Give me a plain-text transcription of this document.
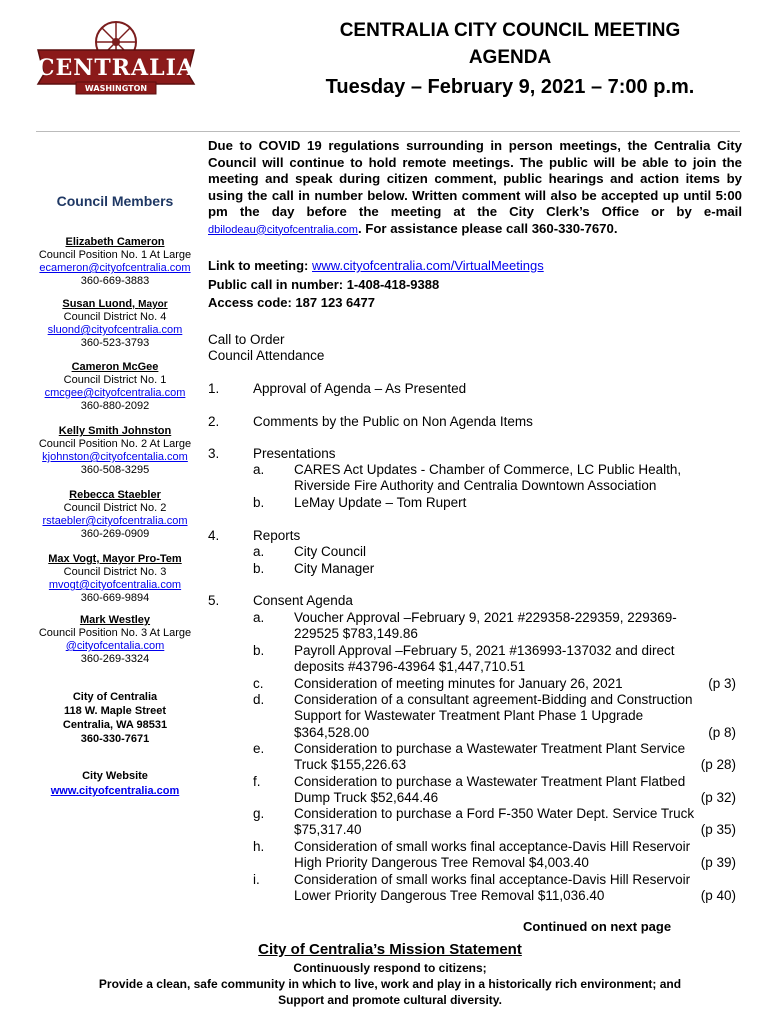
CENTRALIA
WASHINGTON
CENTRALIA CITY COUNCIL MEETING
AGENDA
Tuesday – February 9, 2021 – 7:00 p.m.
Council Members
Elizabeth Cameron
Council Position No. 1 At Large
ecameron@cityofcentralia.com
360-669-3883
Susan Luond, Mayor
Council District No. 4
sluond@cityofcentralia.com
360-523-3793
Cameron McGee
Council District No. 1
cmcgee@cityofcentralia.com
360-880-2092
Kelly Smith Johnston
Council Position No. 2 At Large
kjohnston@cityofcentalia.com
360-508-3295
Rebecca Staebler
Council District No. 2
rstaebler@cityofcentralia.com
360-269-0909
Max Vogt, Mayor Pro-Tem
Council District No. 3
mvogt@cityofcentralia.com
360-669-9894
Mark Westley
Council Position No. 3 At Large
@cityofcentalia.com
360-269-3324
City of Centralia
118 W. Maple Street
Centralia, WA 98531
360-330-7671
City Website
www.cityofcentralia.com
Due to COVID 19 regulations surrounding in person meetings, the Centralia City Council will continue to hold remote meetings. The public will be able to join the meeting and speak during citizen comment, public hearings and action items by using the call in number below. Written comment will also be accepted up until 5:00 pm the day before the meeting at the City Clerk’s Office or by e-mail dbilodeau@cityofcentralia.com. For assistance please call 360-330-7670.
Link to meeting: www.cityofcentralia.com/VirtualMeetings
Public call in number: 1-408-418-9388
Access code: 187 123 6477
Call to Order
Council Attendance
1. Approval of Agenda – As Presented
2. Comments by the Public on Non Agenda Items
3. Presentations
a. CARES Act Updates - Chamber of Commerce, LC Public Health,
Riverside Fire Authority and Centralia Downtown Association
b. LeMay Update – Tom Rupert
4. Reports
a. City Council
b. City Manager
5. Consent Agenda
a. Voucher Approval –February 9, 2021 #229358-229359, 229369-
229525 $783,149.86
b. Payroll Approval –February 5, 2021 #136993-137032 and direct
deposits #43796-43964 $1,447,710.51
c. Consideration of meeting minutes for January 26, 2021	(p 3)
d. Consideration of a consultant agreement-Bidding and Construction
Support for Wastewater Treatment Plant Phase 1 Upgrade
$364,528.00	(p 8)
e. Consideration to purchase a Wastewater Treatment Plant Service
Truck $155,226.63	(p 28)
f. Consideration to purchase a Wastewater Treatment Plant Flatbed
Dump Truck $52,644.46	(p 32)
g. Consideration to purchase a Ford F-350 Water Dept. Service Truck
$75,317.40	(p 35)
h. Consideration of small works final acceptance-Davis Hill Reservoir
High Priority Dangerous Tree Removal $4,003.40	(p 39)
i.	Consideration of small works final acceptance-Davis Hill Reservoir
Lower Priority Dangerous Tree Removal $11,036.40	(p 40)
Continued on next page
City of Centralia’s Mission Statement
Continuously respond to citizens;
Provide a clean, safe community in which to live, work and play in a historically rich environment; and
Support and promote cultural diversity.
